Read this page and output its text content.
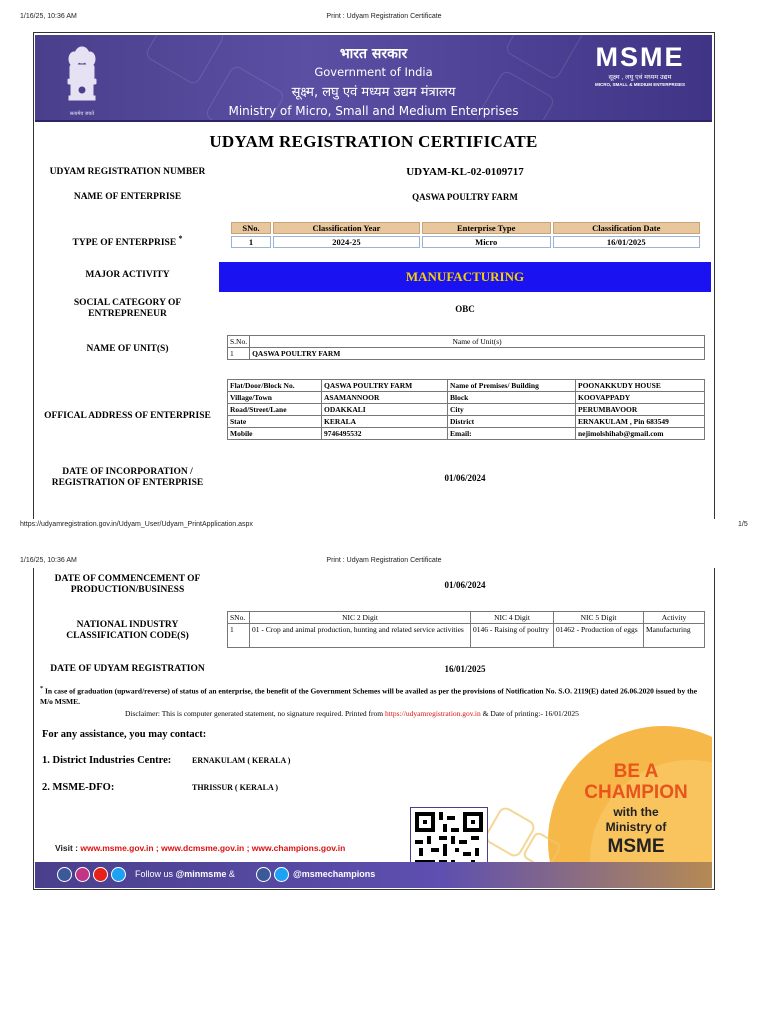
1/16/25, 10:36 AM	Print : Udyam Registration Certificate
सत्यमेव जयते
भारत सरकार
Government of India
सूक्ष्म, लघु एवं मध्यम उद्यम मंत्रालय
Ministry of Micro, Small and Medium Enterprises
MSME
सूक्ष्म , लघु एवं मध्यम उद्यम
MICRO, SMALL & MEDIUM ENTERPRISES
UDYAM REGISTRATION CERTIFICATE
UDYAM REGISTRATION NUMBER	UDYAM-KL-02-0109717
NAME OF ENTERPRISE	QASWA POULTRY FARM
TYPE OF ENTERPRISE *
SNo.	Classification Year	Enterprise Type	Classification Date
1	2024-25	Micro	16/01/2025
MAJOR ACTIVITY	MANUFACTURING
SOCIAL CATEGORY OF
ENTREPRENEUR	OBC
NAME OF UNIT(S)
S.No.	Name of Unit(s)
1	QASWA POULTRY FARM
OFFICAL ADDRESS OF ENTERPRISE
Flat/Door/Block No.	QASWA POULTRY FARM	Name of Premises/ Building	POONAKKUDY HOUSE
Village/Town	ASAMANNOOR	Block	KOOVAPPADY
Road/Street/Lane	ODAKKALI	City	PERUMBAVOOR
State	KERALA	District	ERNAKULAM , Pin 683549
Mobile	9746495532	Email:	nejimolshihab@gmail.com
DATE OF INCORPORATION /
REGISTRATION OF ENTERPRISE	01/06/2024
https://udyamregistration.gov.in/Udyam_User/Udyam_PrintApplication.aspx	1/5
1/16/25, 10:36 AM	Print : Udyam Registration Certificate
DATE OF COMMENCEMENT OF
PRODUCTION/BUSINESS	01/06/2024
NATIONAL INDUSTRY
CLASSIFICATION CODE(S)
SNo.	NIC 2 Digit	NIC 4 Digit	NIC 5 Digit	Activity
1	01 - Crop and animal production, hunting and related service activities	0146 - Raising of poultry	01462 - Production of eggs	Manufacturing
DATE OF UDYAM REGISTRATION	16/01/2025
* In case of graduation (upward/reverse) of status of an enterprise, the benefit of the Government Schemes will be availed as per the provisions of Notification No. S.O. 2119(E) dated 26.06.2020 issued by the M/o MSME.
Disclaimer: This is computer generated statement, no signature required. Printed from https://udyamregistration.gov.in & Date of printing:- 16/01/2025
For any assistance, you may contact:
1. District Industries Centre:	ERNAKULAM ( KERALA )
2. MSME-DFO:	THRISSUR ( KERALA )
BE A
CHAMPION
with the
Ministry of
MSME
Visit : www.msme.gov.in ; www.dcmsme.gov.in ; www.champions.gov.in
Follow us @minmsme &	@msmechampions
